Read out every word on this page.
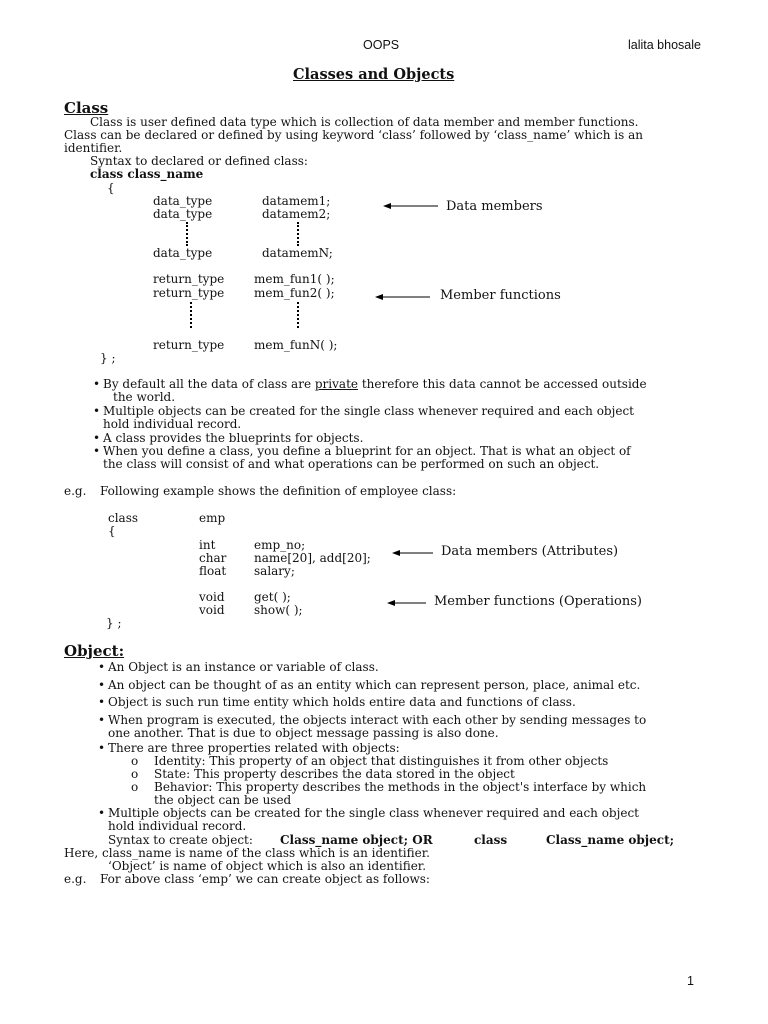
OOPS	lalita bhosale
Classes and Objects
Class
Class is user defined data type which is collection of data member and member functions.
Class can be declared or defined by using keyword ‘class’ followed by ‘class_name’ which is an
identifier.
Syntax to declared or defined class:
class class_name
{
data_type	datamem1;
data_type	datamem2;
data_type	datamemN;
return_type mem_fun1( );
return_type mem_fun2( );
return_type mem_funN( );
} ;
Data members
Member functions
• By default all the data of class are private therefore this data cannot be accessed outside
the world.
• Multiple objects can be created for the single class whenever required and each object
hold individual record.
• A class provides the blueprints for objects.
• When you define a class, you define a blueprint for an object. That is what an object of
the class will consist of and what operations can be performed on such an object.
e.g. Following example shows the definition of employee class:
class	emp
{
int	emp_no;
char name[20], add[20];
float salary;
void get( );
void show( );
} ;
Data members (Attributes)
Member functions (Operations)
Object:
• An Object is an instance or variable of class.
• An object can be thought of as an entity which can represent person, place, animal etc.
• Object is such run time entity which holds entire data and functions of class.
• When program is executed, the objects interact with each other by sending messages to
one another. That is due to object message passing is also done.
• There are three properties related with objects:
o Identity: This property of an object that distinguishes it from other objects
o State: This property describes the data stored in the object
o Behavior: This property describes the methods in the object's interface by which
the object can be used
• Multiple objects can be created for the single class whenever required and each object
hold individual record.
Syntax to create object: Class_name object; OR	class	Class_name object;
Here, class_name is name of the class which is an identifier.
‘Object’ is name of object which is also an identifier.
e.g. For above class ‘emp’ we can create object as follows:
1
